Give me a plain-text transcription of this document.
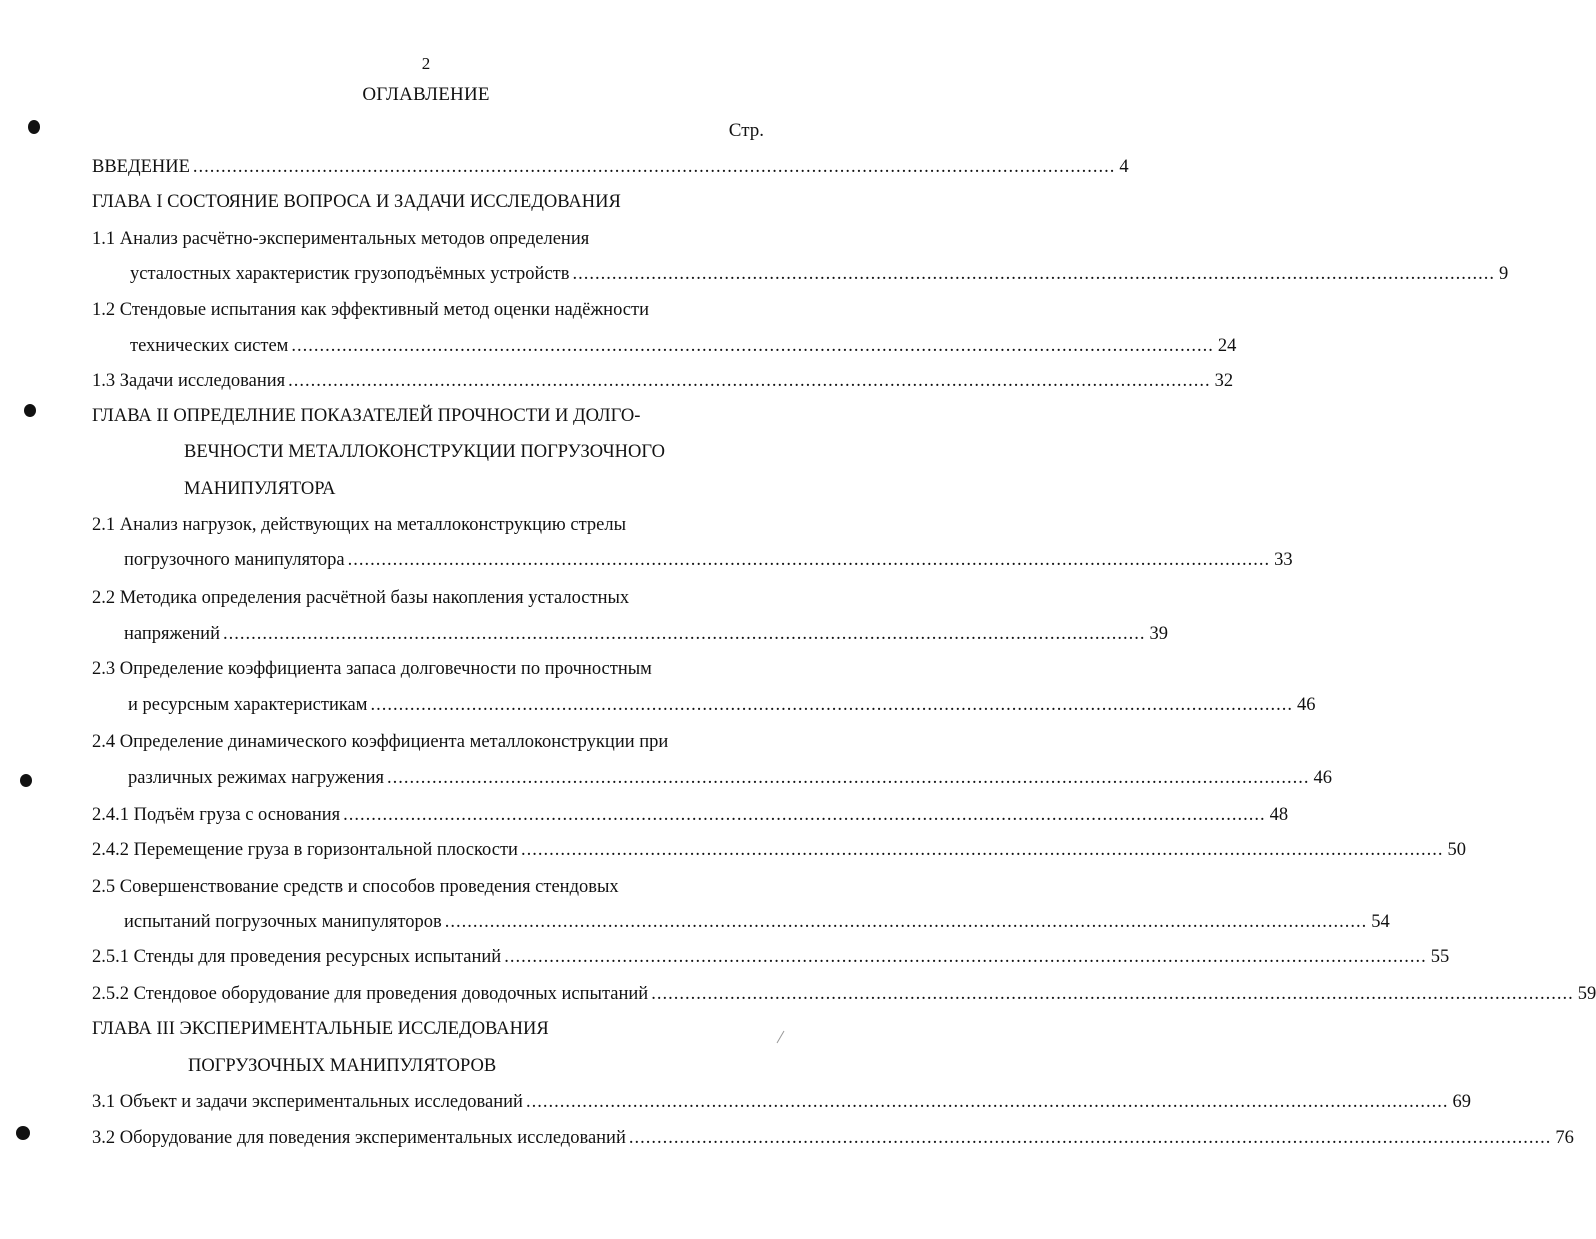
2
ОГЛАВЛЕНИЕ
Стр.
ВВЕДЕНИЕ .................................................................................................................................................................... 4
ГЛАВА I СОСТОЯНИЕ ВОПРОСА И ЗАДАЧИ ИССЛЕДОВАНИЯ
1.1 Анализ расчётно-экспериментальных методов определения
усталостных характеристик грузоподъёмных устройств .................................................................................................................................................................... 9
1.2 Стендовые испытания как эффективный метод оценки надёжности
технических систем .................................................................................................................................................................... 24
1.3 Задачи исследования .................................................................................................................................................................... 32
ГЛАВА II ОПРЕДЕЛНИЕ ПОКАЗАТЕЛЕЙ ПРОЧНОСТИ И ДОЛГО-
ВЕЧНОСТИ МЕТАЛЛОКОНСТРУКЦИИ ПОГРУЗОЧНОГО
МАНИПУЛЯТОРА
2.1 Анализ нагрузок, действующих на металлоконструкцию стрелы
погрузочного манипулятора .................................................................................................................................................................... 33
2.2 Методика определения расчётной базы накопления усталостных
напряжений .................................................................................................................................................................... 39
2.3 Определение коэффициента запаса долговечности по прочностным
и ресурсным характеристикам .................................................................................................................................................................... 46
2.4 Определение динамического коэффициента металлоконструкции при
различных режимах нагружения .................................................................................................................................................................... 46
2.4.1 Подъём груза с основания .................................................................................................................................................................... 48
2.4.2 Перемещение груза в горизонтальной плоскости .................................................................................................................................................................... 50
2.5 Совершенствование средств и способов проведения стендовых
испытаний погрузочных манипуляторов .................................................................................................................................................................... 54
2.5.1 Стенды для проведения ресурсных испытаний .................................................................................................................................................................... 55
2.5.2 Стендовое оборудование для проведения доводочных испытаний .................................................................................................................................................................... 59
ГЛАВА III ЭКСПЕРИМЕНТАЛЬНЫЕ ИССЛЕДОВАНИЯ
ПОГРУЗОЧНЫХ МАНИПУЛЯТОРОВ
3.1 Объект и задачи экспериментальных исследований .................................................................................................................................................................... 69
3.2 Оборудование для поведения экспериментальных исследований .................................................................................................................................................................... 76
